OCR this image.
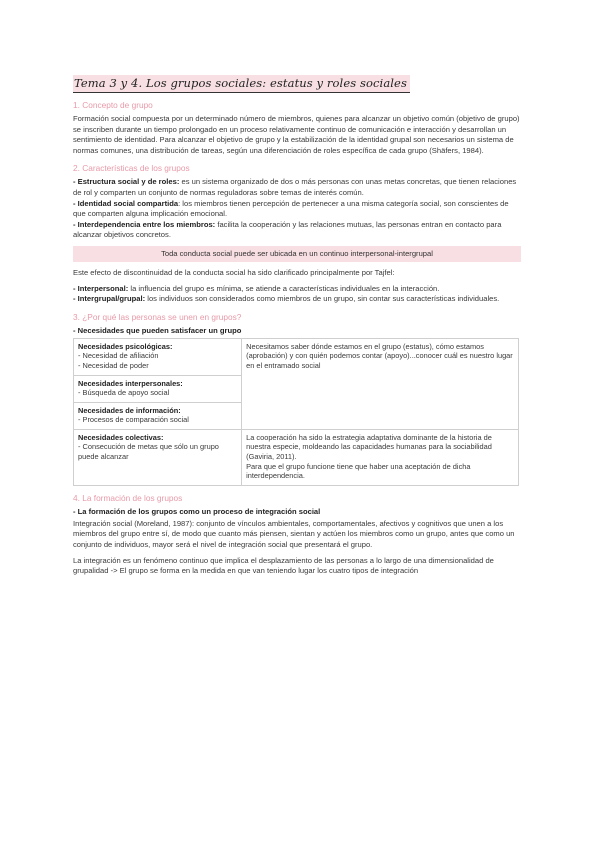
Tema 3 y 4. Los grupos sociales: estatus y roles sociales
1. Concepto de grupo

Formación social compuesta por un determinado número de miembros, quienes para alcanzar un objetivo común (objetivo de grupo) se inscriben durante un tiempo prolongado en un proceso relativamente continuo de comunicación e interacción y desarrollan un sentimiento de identidad. Para alcanzar el objetivo de grupo y la estabilización de la identidad grupal son necesarios un sistema de normas comunes, una distribución de tareas, según una diferenciación de roles específica de cada grupo (Shäfers, 1984).

2. Características de los grupos

- Estructura social y de roles: es un sistema organizado de dos o más personas con unas metas concretas, que tienen relaciones de rol y comparten un conjunto de normas reguladoras sobre temas de interés común.

- Identidad social compartida: los miembros tienen percepción de pertenecer a una misma categoría social, son conscientes de que comparten alguna implicación emocional.

- Interdependencia entre los miembros: facilita la cooperación y las relaciones mutuas, las personas entran en contacto para alcanzar objetivos concretos.

Toda conducta social puede ser ubicada en un continuo interpersonal-intergrupal

Este efecto de discontinuidad de la conducta social ha sido clarificado principalmente por Tajfel:

- Interpersonal: la influencia del grupo es mínima, se atiende a características individuales en la interacción.

- Intergrupal/grupal: los individuos son considerados como miembros de un grupo, sin contar sus características individuales.

3. ¿Por qué las personas se unen en grupos?
- Necesidades que pueden satisfacer un grupo
Necesidades psicológicas:
- Necesidad de afiliación
- Necesidad de poder	Necesitamos saber dónde estamos en el grupo (estatus), cómo estamos (aprobación) y con quién podemos contar (apoyo)...conocer cuál es nuestro lugar en el entramado social
Necesidades interpersonales:
- Búsqueda de apoyo social	
Necesidades de información:
- Procesos de comparación social	
Necesidades colectivas:
- Consecución de metas que sólo un grupo puede alcanzar	La cooperación ha sido la estrategia adaptativa dominante de la historia de nuestra especie, moldeando las capacidades humanas para la sociabilidad (Gaviria, 2011).
Para que el grupo funcione tiene que haber una aceptación de dicha interdependencia.
4. La formación de los grupos
- La formación de los grupos como un proceso de integración social

Integración social (Moreland, 1987): conjunto de vínculos ambientales, comportamentales, afectivos y cognitivos que unen a los miembros del grupo entre sí, de modo que cuanto más piensen, sientan y actúen los miembros como un grupo, antes que como un conjunto de individuos, mayor será el nivel de integración social que presentará el grupo.

La integración es un fenómeno continuo que implica el desplazamiento de las personas a lo largo de una dimensionalidad de grupalidad -> El grupo se forma en la medida en que van teniendo lugar los cuatro tipos de integración
